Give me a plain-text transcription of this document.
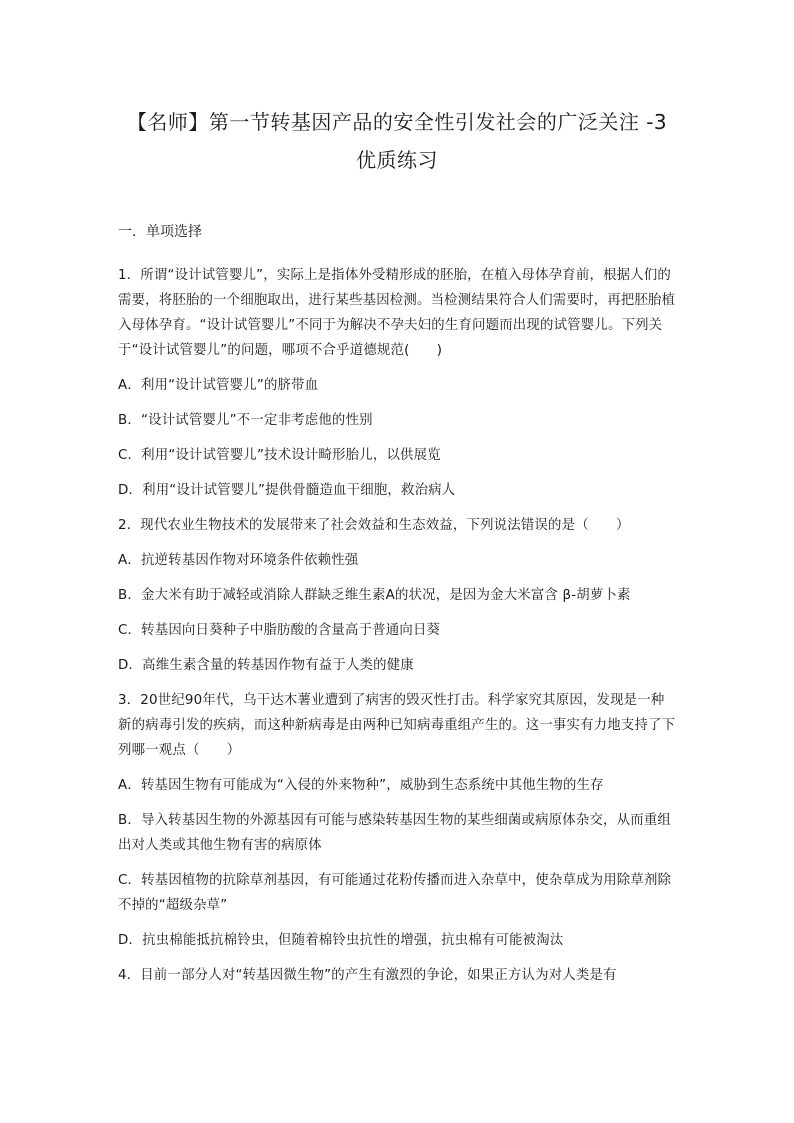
【名师】第一节转基因产品的安全性引发社会的广泛关注 -3
优质练习
一．单项选择

1．所谓“设计试管婴儿”，实际上是指体外受精形成的胚胎，在植入母体孕育前，根据人们的需要，将胚胎的一个细胞取出，进行某些基因检测。当检测结果符合人们需要时，再把胚胎植入母体孕育。“设计试管婴儿”不同于为解决不孕夫妇的生育问题而出现的试管婴儿。下列关于“设计试管婴儿”的问题，哪项不合乎道德规范(　　)

A．利用“设计试管婴儿”的脐带血
B．“设计试管婴儿”不一定非考虑他的性别
C．利用“设计试管婴儿”技术设计畸形胎儿，以供展览
D．利用“设计试管婴儿”提供骨髓造血干细胞，救治病人

2．现代农业生物技术的发展带来了社会效益和生态效益，下列说法错误的是（　　）

A．抗逆转基因作物对环境条件依赖性强
B．金大米有助于减轻或消除人群缺乏维生素A的状况，是因为金大米富含 β-胡萝卜素
C．转基因向日葵种子中脂肪酸的含量高于普通向日葵
D．高维生素含量的转基因作物有益于人类的健康

3．20世纪90年代，乌干达木薯业遭到了病害的毁灭性打击。科学家究其原因，发现是一种新的病毒引发的疾病，而这种新病毒是由两种已知病毒重组产生的。这一事实有力地支持了下列哪一观点（　　）

A．转基因生物有可能成为“入侵的外来物种”，威胁到生态系统中其他生物的生存
B．导入转基因生物的外源基因有可能与感染转基因生物的某些细菌或病原体杂交，从而重组出对人类或其他生物有害的病原体
C．转基因植物的抗除草剂基因，有可能通过花粉传播而进入杂草中，使杂草成为用除草剂除不掉的“超级杂草”
D．抗虫棉能抵抗棉铃虫，但随着棉铃虫抗性的增强，抗虫棉有可能被淘汰

4．目前一部分人对“转基因微生物”的产生有激烈的争论，如果正方认为对人类是有
